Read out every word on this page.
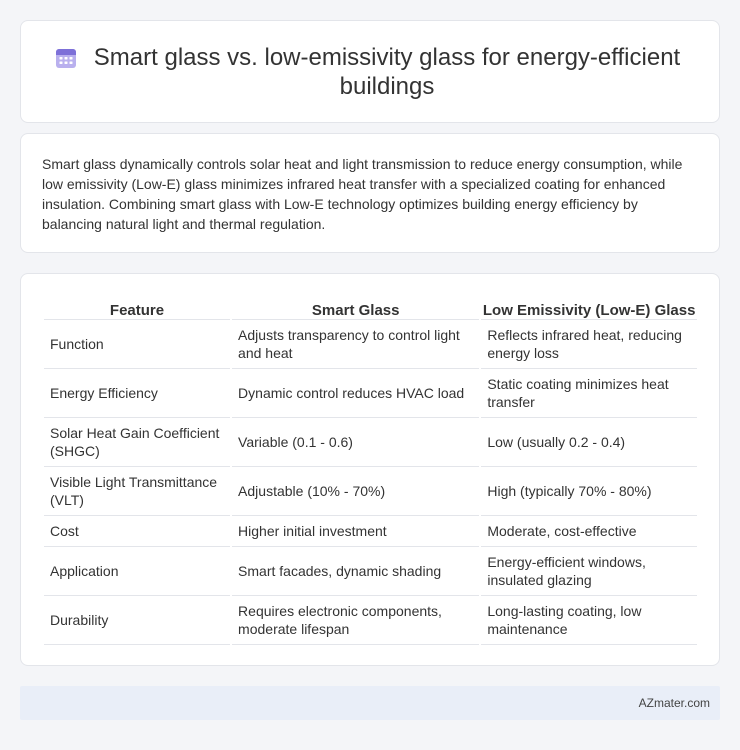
Smart glass vs. low-emissivity glass for energy-efficient buildings

Smart glass dynamically controls solar heat and light transmission to reduce energy consumption, while low emissivity (Low-E) glass minimizes infrared heat transfer with a specialized coating for enhanced insulation. Combining smart glass with Low-E technology optimizes building energy efficiency by balancing natural light and thermal regulation.

Feature	Smart Glass	Low Emissivity (Low-E) Glass
Function	Adjusts transparency to control light and heat	Reflects infrared heat, reducing energy loss
Energy Efficiency	Dynamic control reduces HVAC load	Static coating minimizes heat transfer
Solar Heat Gain Coefficient (SHGC)	Variable (0.1 - 0.6)	Low (usually 0.2 - 0.4)
Visible Light Transmittance (VLT)	Adjustable (10% - 70%)	High (typically 70% - 80%)
Cost	Higher initial investment	Moderate, cost-effective
Application	Smart facades, dynamic shading	Energy-efficient windows, insulated glazing
Durability	Requires electronic components, moderate lifespan	Long-lasting coating, low maintenance
AZmater.com
